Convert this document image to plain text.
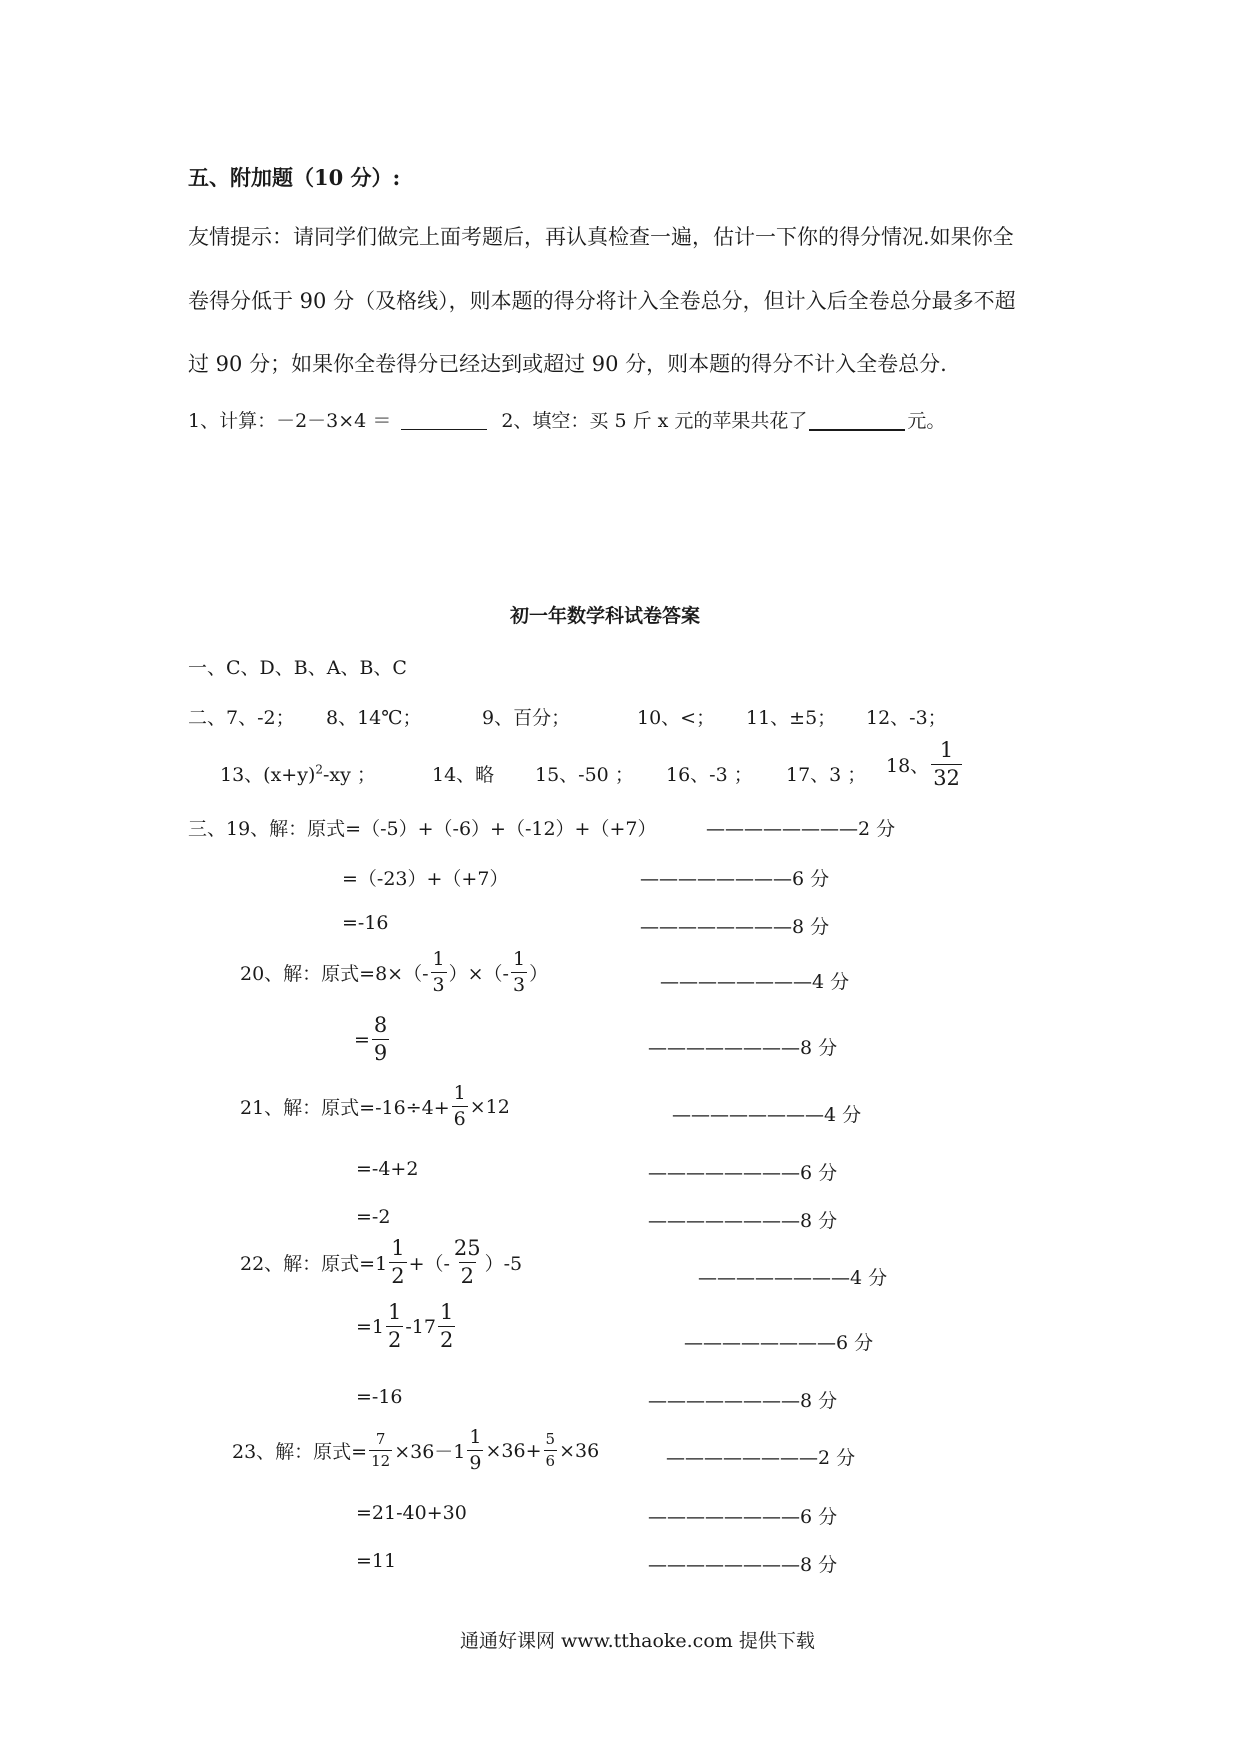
五、附加题（10 分）:
友情提示：请同学们做完上面考题后，再认真检查一遍，估计一下你的得分情况.如果你全
卷得分低于 90 分（及格线），则本题的得分将计入全卷总分，但计入后全卷总分最多不超
过 90 分；如果你全卷得分已经达到或超过 90 分，则本题的得分不计入全卷总分.
1、计算：－2－3×4 ＝	2、填空：买 5 斤 x 元的苹果共花了	元。
初一年数学科试卷答案
一、C、D、B、A、B、C
二、7、-2； 8、14℃；	9、百分；	10、<； 11、±5； 12、-3；
13、$(x+y)^2-xy$ ；	14、略 15、-50 ； 16、-3 ； 17、3 ； 18、 $\frac{1}{32}$
三、19、解：原式=（-5）+（-6）+（-12）+（+7）	————————2 分
=（-23）+（+7）	————————6 分
=-16	————————8 分
20、解：原式$=8\times(- \frac{1}{3}$ ）×（- $\frac{1}{3}$ ）	————————4 分
= $\frac{8}{9}$	————————8 分
21、解：原式$=-16\div 4+ \frac{1}{6} \times 12$	————————4 分
=-4+2	————————6 分
=-2	————————8 分
22、解：原式$=1 \frac{1}{2}$ +（- $\frac{25}{2} )-5$
————————4 分
$=1 \frac{1}{2} -17 \frac{1}{2}$	————————6 分
=-16	————————8 分
23、解：原式= $\frac{7}{12} \times 36-1 \frac{1}{9} \times 36+ \frac{5}{6} \times 36$	————————2 分
=21-40+30	————————6 分
=11	————————8 分
通通好课网 www.tthaoke.com 提供下载
